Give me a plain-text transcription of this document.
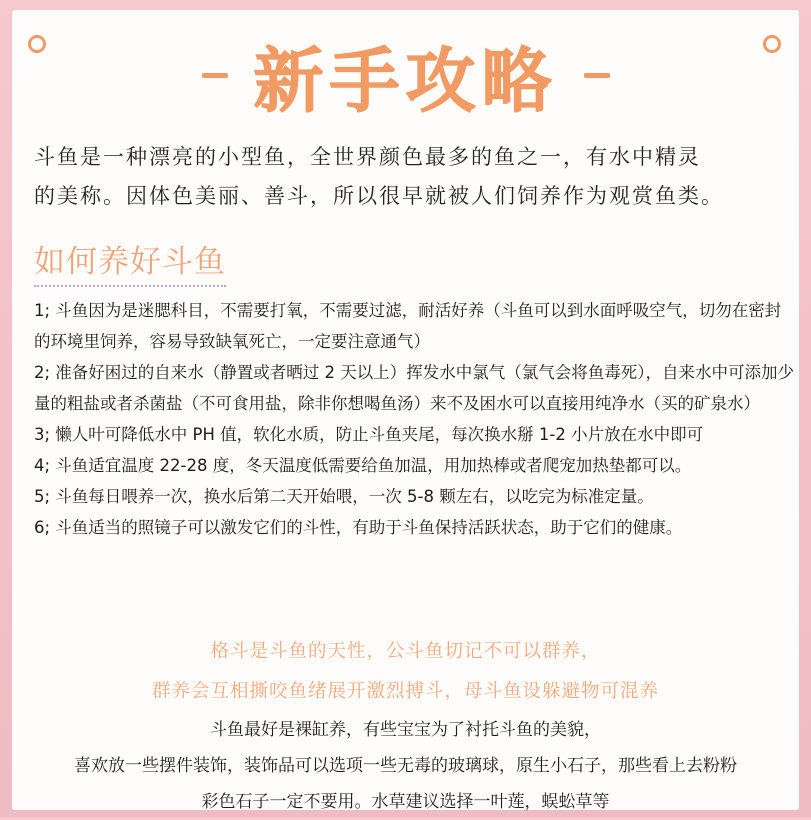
新手攻略
斗鱼是一种漂亮的小型鱼，全世界颜色最多的鱼之一，有水中精灵
的美称。因体色美丽、善斗，所以很早就被人们饲养作为观赏鱼类。
如何养好斗鱼

1; 斗鱼因为是迷腮科目，不需要打氧，不需要过滤，耐活好养（斗鱼可以到水面呼吸空气，切勿在密封的环境里饲养，容易导致缺氧死亡，一定要注意通气）

2; 准备好困过的自来水（静置或者晒过 2 天以上）挥发水中氯气（氯气会将鱼毒死），自来水中可添加少量的粗盐或者杀菌盐（不可食用盐，除非你想喝鱼汤）来不及困水可以直接用纯净水（买的矿泉水）

3; 懒人叶可降低水中 PH 值，软化水质，防止斗鱼夹尾，每次换水掰 1-2 小片放在水中即可

4; 斗鱼适宜温度 22-28 度，冬天温度低需要给鱼加温，用加热棒或者爬宠加热垫都可以。

5; 斗鱼每日喂养一次，换水后第二天开始喂，一次 5-8 颗左右，以吃完为标准定量。

6; 斗鱼适当的照镜子可以激发它们的斗性，有助于斗鱼保持活跃状态，助于它们的健康。

格斗是斗鱼的天性，公斗鱼切记不可以群养，

群养会互相撕咬鱼绪展开激烈搏斗，母斗鱼设躲避物可混养

斗鱼最好是裸缸养，有些宝宝为了衬托斗鱼的美貌，

喜欢放一些摆件装饰，装饰品可以选项一些无毒的玻璃球，原生小石子，那些看上去粉粉

彩色石子一定不要用。水草建议选择一叶莲，蜈蚣草等
